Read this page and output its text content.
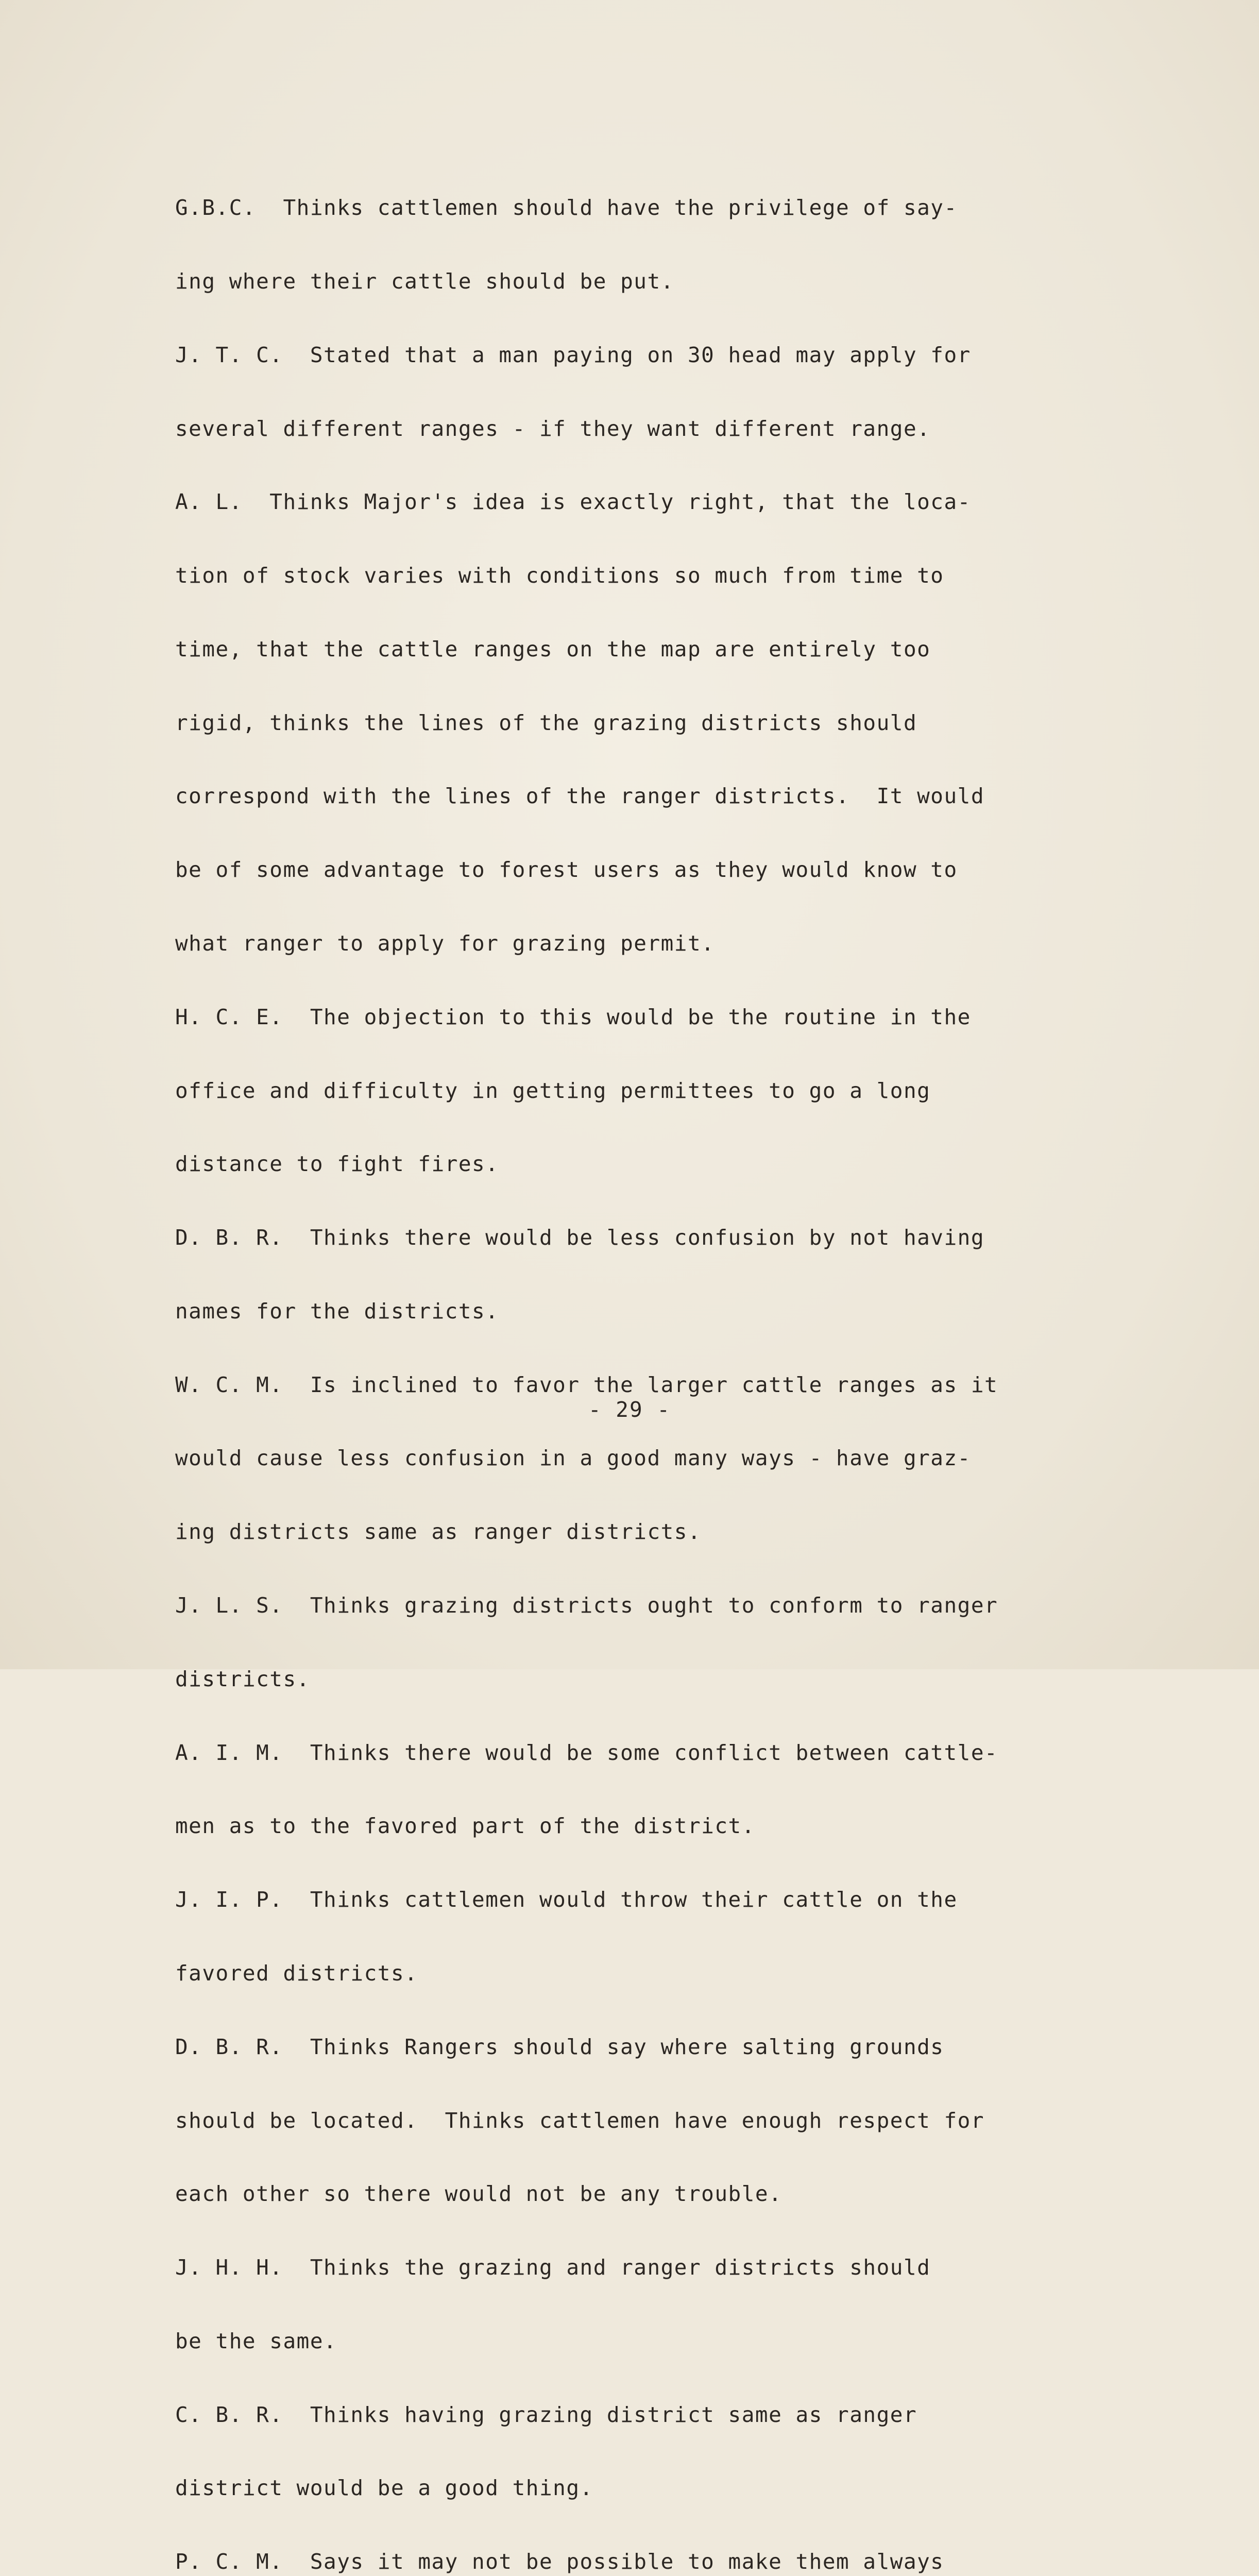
G.B.C.  Thinks cattlemen should have the privilege of say-

ing where their cattle should be put.

J. T. C.  Stated that a man paying on 30 head may apply for

several different ranges - if they want different range.

A. L.  Thinks Major's idea is exactly right, that the loca-

tion of stock varies with conditions so much from time to

time, that the cattle ranges on the map are entirely too

rigid, thinks the lines of the grazing districts should

correspond with the lines of the ranger districts.  It would

be of some advantage to forest users as they would know to

what ranger to apply for grazing permit.

H. C. E.  The objection to this would be the routine in the

office and difficulty in getting permittees to go a long

distance to fight fires.

D. B. R.  Thinks there would be less confusion by not having

names for the districts.

W. C. M.  Is inclined to favor the larger cattle ranges as it

would cause less confusion in a good many ways - have graz-

ing districts same as ranger districts.

J. L. S.  Thinks grazing districts ought to conform to ranger

districts.

A. I. M.  Thinks there would be some conflict between cattle-

men as to the favored part of the district.

J. I. P.  Thinks cattlemen would throw their cattle on the

favored districts.

D. B. R.  Thinks Rangers should say where salting grounds

should be located.  Thinks cattlemen have enough respect for

each other so there would not be any trouble.

J. H. H.  Thinks the grazing and ranger districts should

be the same.

C. B. R.  Thinks having grazing district same as ranger

district would be a good thing.

P. C. M.  Says it may not be possible to make them always

- 29 -
